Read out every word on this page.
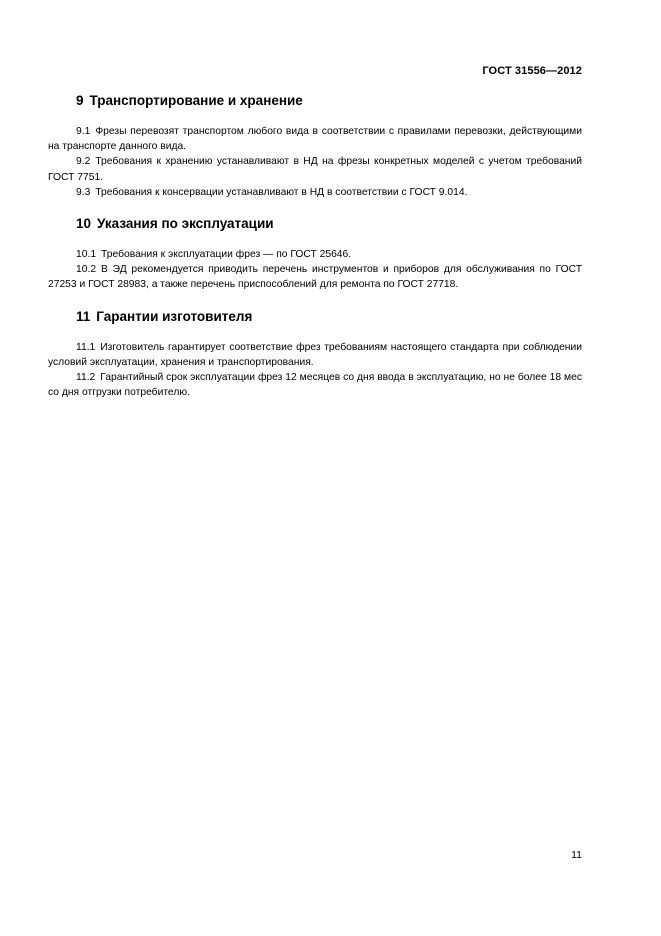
ГОСТ 31556—2012
9 Транспортирование и хранение

9.1 Фрезы перевозят транспортом любого вида в соответствии с правилами перевозки, действующими на транспорте данного вида.

9.2 Требования к хранению устанавливают в НД на фрезы конкретных моделей с учетом требований ГОСТ 7751.

9.3 Требования к консервации устанавливают в НД в соответствии с ГОСТ 9.014.

10 Указания по эксплуатации

10.1 Требования к эксплуатации фрез — по ГОСТ 25646.

10.2 В ЭД рекомендуется приводить перечень инструментов и приборов для обслуживания по ГОСТ 27253 и ГОСТ 28983, а также перечень приспособлений для ремонта по ГОСТ 27718.

11 Гарантии изготовителя

11.1 Изготовитель гарантирует соответствие фрез требованиям настоящего стандарта при соблюдении условий эксплуатации, хранения и транспортирования.

11.2 Гарантийный срок эксплуатации фрез 12 месяцев со дня ввода в эксплуатацию, но не более 18 мес со дня отгрузки потребителю.

11
